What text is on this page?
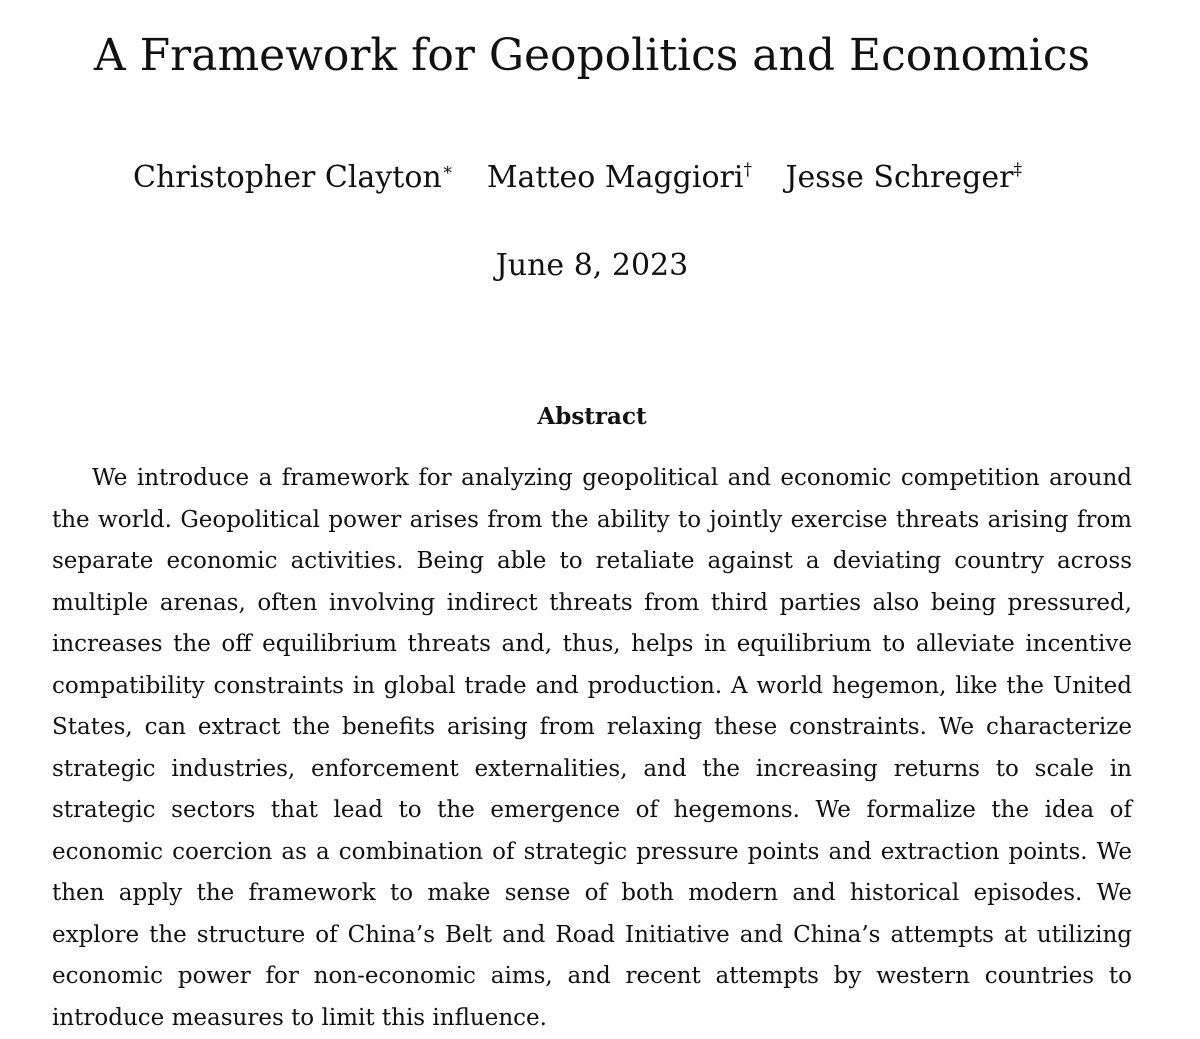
A Framework for Geopolitics and Economics
Christopher Clayton∗ Matteo Maggiori† Jesse Schreger‡
June 8, 2023
Abstract

We introduce a framework for analyzing geopolitical and economic competition around the world. Geopolitical power arises from the ability to jointly exercise threats arising from separate economic activities. Being able to retaliate against a deviating country across multiple arenas, often involving indirect threats from third parties also being pressured, increases the off equilibrium threats and, thus, helps in equilibrium to alleviate incentive compatibility constraints in global trade and production. A world hegemon, like the United States, can extract the benefits arising from relaxing these constraints. We characterize strategic industries, enforcement externalities, and the increasing returns to scale in strategic sectors that lead to the emergence of hegemons. We formalize the idea of economic coercion as a combination of strategic pressure points and extraction points. We then apply the framework to make sense of both modern and historical episodes. We explore the structure of China’s Belt and Road Initiative and China’s attempts at utilizing economic power for non-economic aims, and recent attempts by western countries to introduce measures to limit this influence.
